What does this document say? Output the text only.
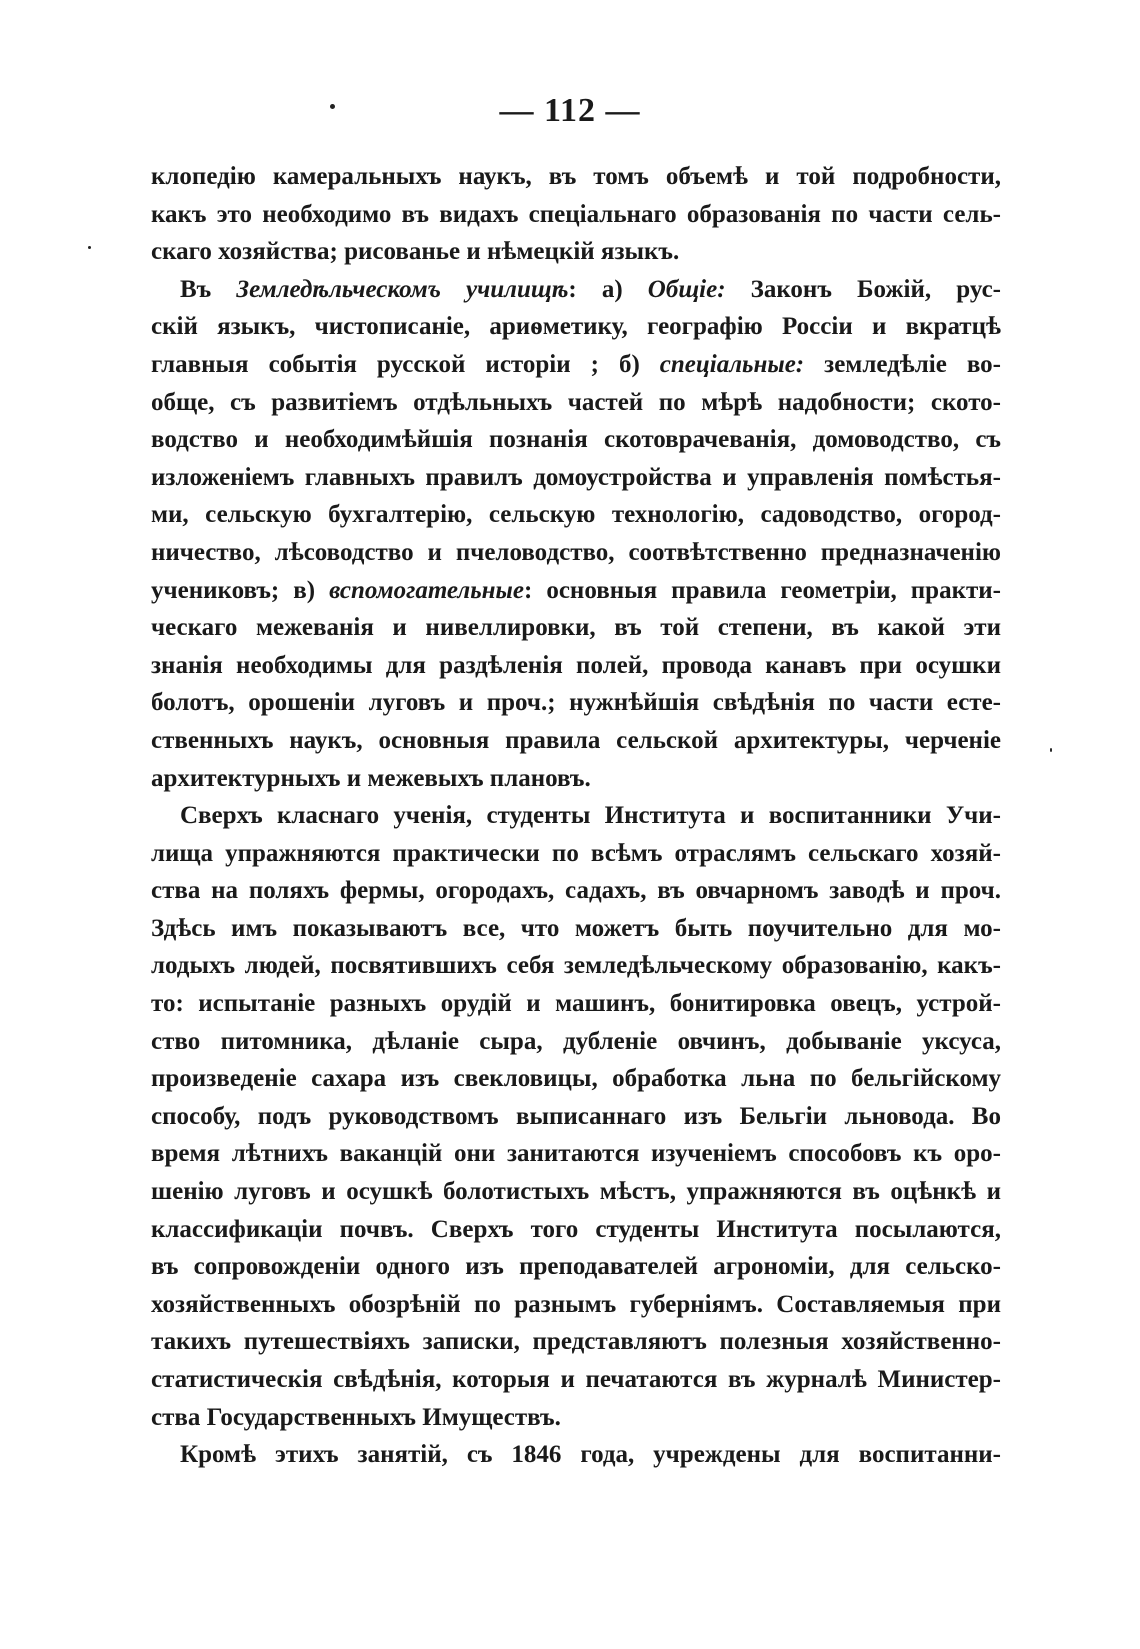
— 112 —
клопедію камеральныхъ наукъ, въ томъ объемѣ и той подробности,
какъ это необходимо въ видахъ спеціальнаго образованія по части сель-
скаго хозяйства; рисованье и нѣмецкій языкъ.
Въ Земледѣльческомъ училищѣ: а) Общіе: Законъ Божій, рус-
скій языкъ, чистописаніе, ариѳметику, географію Россіи и вкратцѣ
главныя событія русской исторіи ; б) спеціальные: земледѣліе во-
обще, съ развитіемъ отдѣльныхъ частей по мѣрѣ надобности; ското-
водство и необходимѣйшія познанія скотоврачеванія, домоводство, съ
изложеніемъ главныхъ правилъ домоустройства и управленія помѣстья-
ми, сельскую бухгалтерію, сельскую технологію, садоводство, огород-
ничество, лѣсоводство и пчеловодство, соотвѣтственно предназначенію
учениковъ; в) вспомогательные: основныя правила геометріи, практи-
ческаго межеванія и нивеллировки, въ той степени, въ какой эти
знанія необходимы для раздѣленія полей, провода канавъ при осушки
болотъ, орошеніи луговъ и проч.; нужнѣйшія свѣдѣнія по части есте-
ственныхъ наукъ, основныя правила сельской архитектуры, черченіе
архитектурныхъ и межевыхъ плановъ.
Сверхъ класнаго ученія, студенты Института и воспитанники Учи-
лища упражняются практически по всѣмъ отраслямъ сельскаго хозяй-
ства на поляхъ фермы, огородахъ, садахъ, въ овчарномъ заводѣ и проч.
Здѣсь имъ показываютъ все, что можетъ быть поучительно для мо-
лодыхъ людей, посвятившихъ себя земледѣльческому образованію, какъ-
то: испытаніе разныхъ орудій и машинъ, бонитировка овецъ, устрой-
ство питомника, дѣланіе сыра, дубленіе овчинъ, добываніе уксуса,
произведеніе сахара изъ свекловицы, обработка льна по бельгійскому
способу, подъ руководствомъ выписаннаго изъ Бельгіи льновода. Во
время лѣтнихъ ваканцій они занитаются изученіемъ способовъ къ оро-
шенію луговъ и осушкѣ болотистыхъ мѣстъ, упражняются въ оцѣнкѣ и
классификаціи почвъ. Сверхъ того студенты Института посылаются,
въ сопровожденіи одного изъ преподавателей агрономіи, для сельско-
хозяйственныхъ обозрѣній по разнымъ губерніямъ. Составляемыя при
такихъ путешествіяхъ записки, представляютъ полезныя хозяйственно-
статистическія свѣдѣнія, которыя и печатаются въ журналѣ Министер-
ства Государственныхъ Имуществъ.
Кромѣ этихъ занятій, съ 1846 года, учреждены для воспитанни-
